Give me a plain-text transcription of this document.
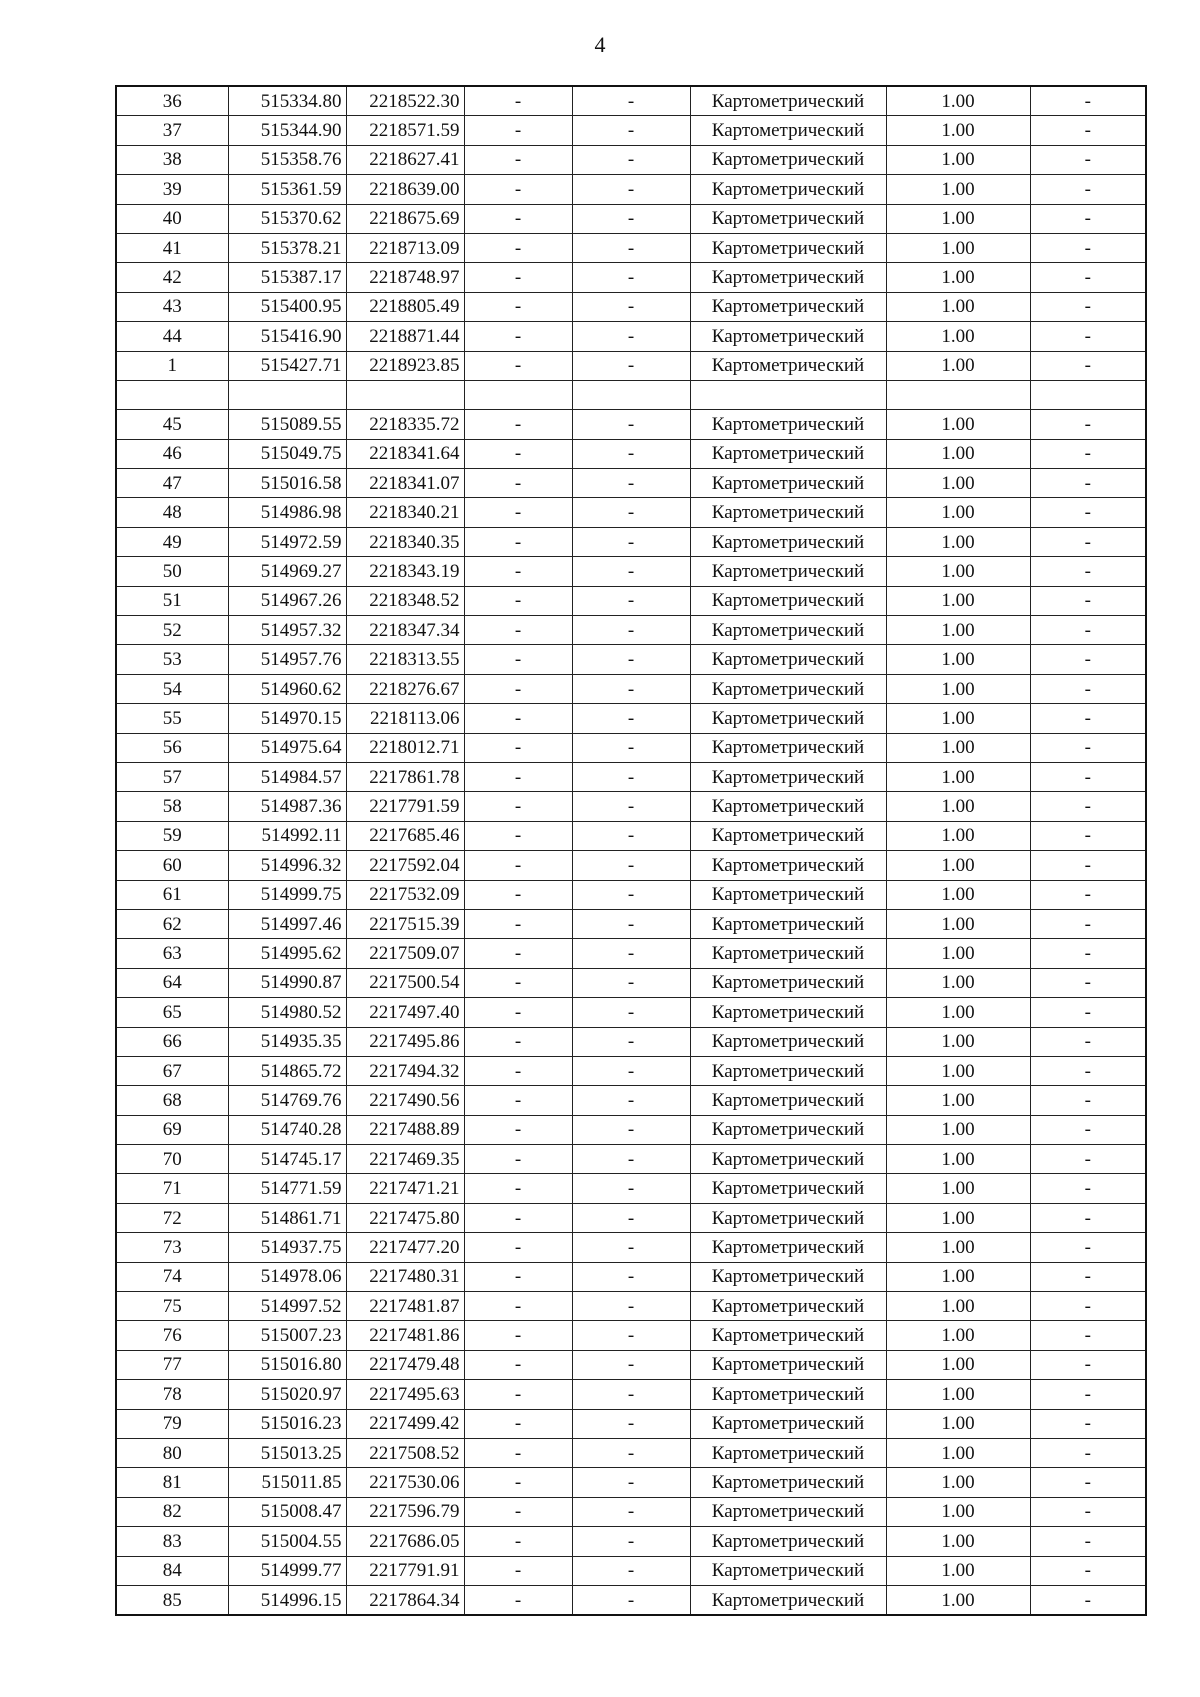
4
36	515334.80	2218522.30	-	-	Картометрический	1.00	-
37	515344.90	2218571.59	-	-	Картометрический	1.00	-
38	515358.76	2218627.41	-	-	Картометрический	1.00	-
39	515361.59	2218639.00	-	-	Картометрический	1.00	-
40	515370.62	2218675.69	-	-	Картометрический	1.00	-
41	515378.21	2218713.09	-	-	Картометрический	1.00	-
42	515387.17	2218748.97	-	-	Картометрический	1.00	-
43	515400.95	2218805.49	-	-	Картометрический	1.00	-
44	515416.90	2218871.44	-	-	Картометрический	1.00	-
1	515427.71	2218923.85	-	-	Картометрический	1.00	-

45	515089.55	2218335.72	-	-	Картометрический	1.00	-
46	515049.75	2218341.64	-	-	Картометрический	1.00	-
47	515016.58	2218341.07	-	-	Картометрический	1.00	-
48	514986.98	2218340.21	-	-	Картометрический	1.00	-
49	514972.59	2218340.35	-	-	Картометрический	1.00	-
50	514969.27	2218343.19	-	-	Картометрический	1.00	-
51	514967.26	2218348.52	-	-	Картометрический	1.00	-
52	514957.32	2218347.34	-	-	Картометрический	1.00	-
53	514957.76	2218313.55	-	-	Картометрический	1.00	-
54	514960.62	2218276.67	-	-	Картометрический	1.00	-
55	514970.15	2218113.06	-	-	Картометрический	1.00	-
56	514975.64	2218012.71	-	-	Картометрический	1.00	-
57	514984.57	2217861.78	-	-	Картометрический	1.00	-
58	514987.36	2217791.59	-	-	Картометрический	1.00	-
59	514992.11	2217685.46	-	-	Картометрический	1.00	-
60	514996.32	2217592.04	-	-	Картометрический	1.00	-
61	514999.75	2217532.09	-	-	Картометрический	1.00	-
62	514997.46	2217515.39	-	-	Картометрический	1.00	-
63	514995.62	2217509.07	-	-	Картометрический	1.00	-
64	514990.87	2217500.54	-	-	Картометрический	1.00	-
65	514980.52	2217497.40	-	-	Картометрический	1.00	-
66	514935.35	2217495.86	-	-	Картометрический	1.00	-
67	514865.72	2217494.32	-	-	Картометрический	1.00	-
68	514769.76	2217490.56	-	-	Картометрический	1.00	-
69	514740.28	2217488.89	-	-	Картометрический	1.00	-
70	514745.17	2217469.35	-	-	Картометрический	1.00	-
71	514771.59	2217471.21	-	-	Картометрический	1.00	-
72	514861.71	2217475.80	-	-	Картометрический	1.00	-
73	514937.75	2217477.20	-	-	Картометрический	1.00	-
74	514978.06	2217480.31	-	-	Картометрический	1.00	-
75	514997.52	2217481.87	-	-	Картометрический	1.00	-
76	515007.23	2217481.86	-	-	Картометрический	1.00	-
77	515016.80	2217479.48	-	-	Картометрический	1.00	-
78	515020.97	2217495.63	-	-	Картометрический	1.00	-
79	515016.23	2217499.42	-	-	Картометрический	1.00	-
80	515013.25	2217508.52	-	-	Картометрический	1.00	-
81	515011.85	2217530.06	-	-	Картометрический	1.00	-
82	515008.47	2217596.79	-	-	Картометрический	1.00	-
83	515004.55	2217686.05	-	-	Картометрический	1.00	-
84	514999.77	2217791.91	-	-	Картометрический	1.00	-
85	514996.15	2217864.34	-	-	Картометрический	1.00	-
